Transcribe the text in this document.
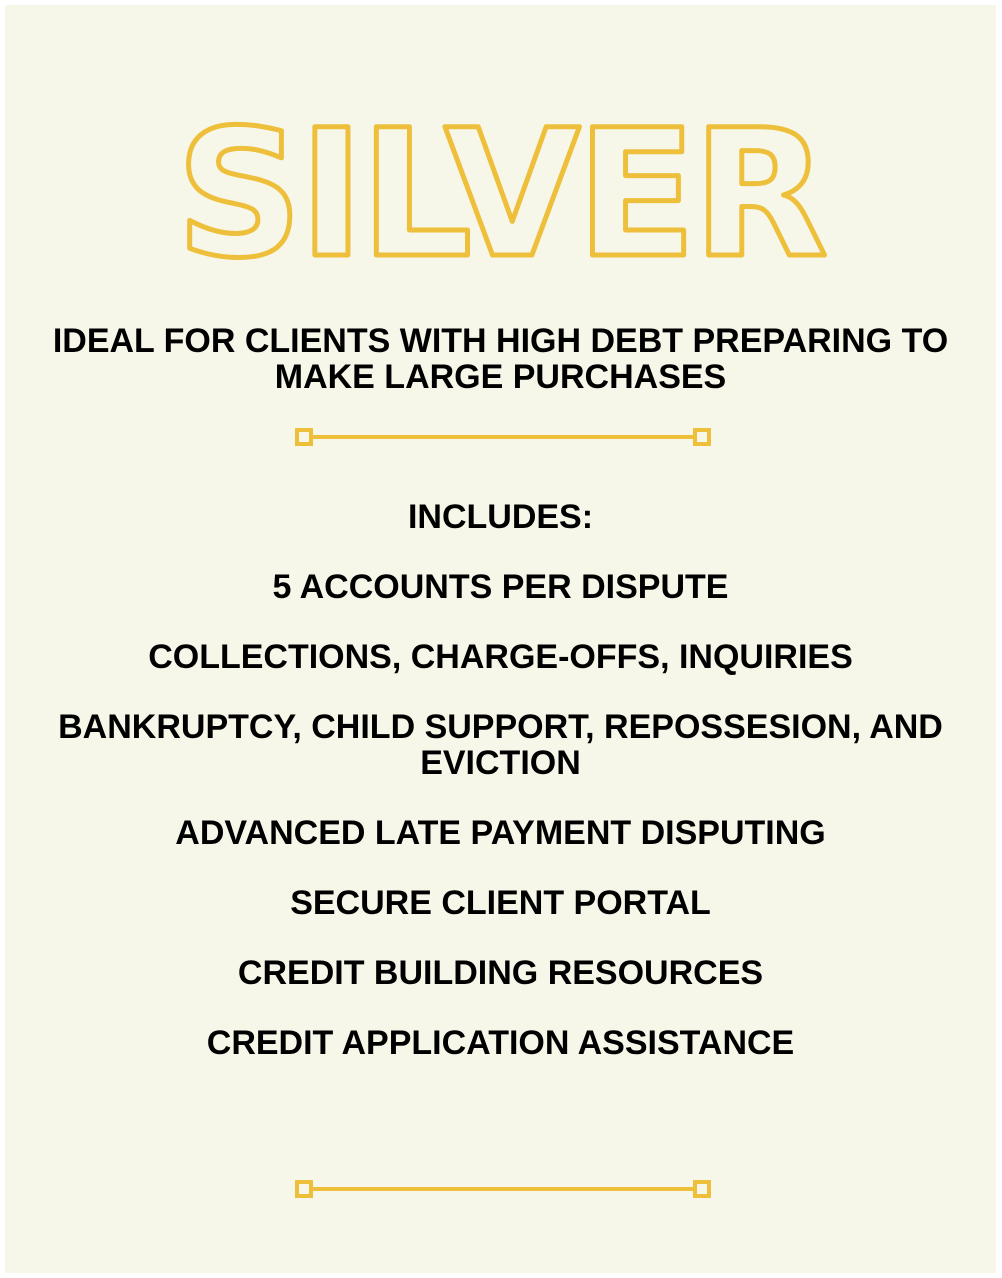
SILVER
IDEAL FOR CLIENTS WITH HIGH DEBT PREPARING TO
MAKE LARGE PURCHASES
INCLUDES:
5 ACCOUNTS PER DISPUTE
COLLECTIONS, CHARGE-OFFS, INQUIRIES
BANKRUPTCY, CHILD SUPPORT, REPOSSESION, AND
EVICTION
ADVANCED LATE PAYMENT DISPUTING
SECURE CLIENT PORTAL
CREDIT BUILDING RESOURCES
CREDIT APPLICATION ASSISTANCE
